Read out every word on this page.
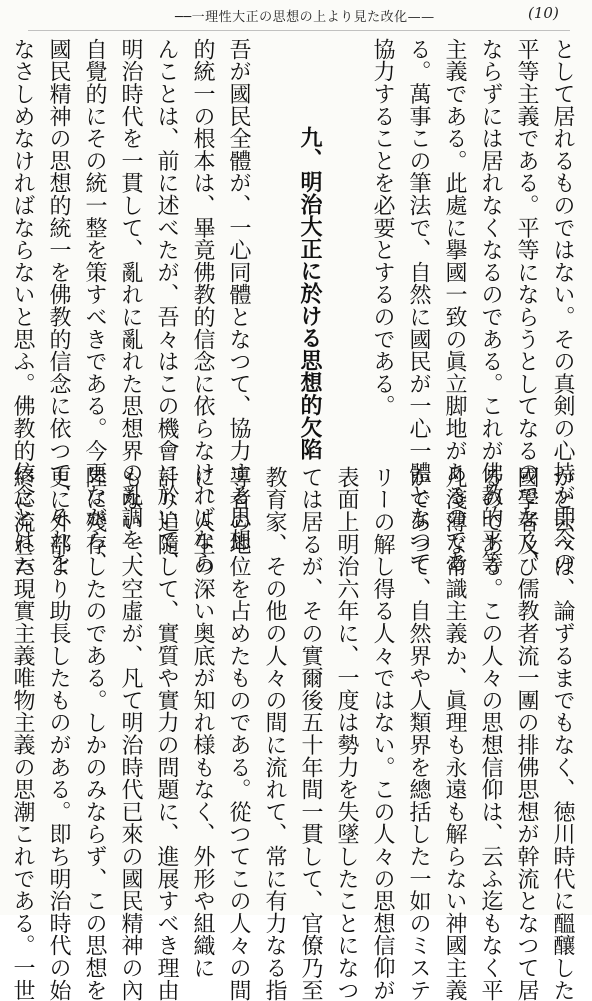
──一理性大正の思想の上より見た改化——	(10)
として居れるものではない。その真剣の心持が即今の
平等主義である。平等にならうとしてなるのでなく、
ならずには居れなくなるのである。これが佛教的平等
主義である。此處に擧國一致の眞立脚地があるのであ
る。萬事この筆法で、自然に國民が一心一體となつて
協力することを必要とするのである。
九、明治大正に於ける思想的欠陷
吾が國民全體が、一心同體となつて、協力する思想
的統一の根本は、畢竟佛教的信念に依らなければなら
んことは、前に述べたが、吾々はこの機會に於いて、
明治時代を一貫して、亂れに亂れた思想界の亂調を、
自覺的にその統一整を策すべきである。今更ながら、
國民精神の思想的統一を佛教的信念に依つて、それを
なさしめなければならないと思ふ。佛教的信念とは云
かと云へば、論ずるまでもなく、徳川時代に醞釀した
國學者及び儒教者流一團の排佛思想が幹流となつて居
るのである。この人々の思想信仰は、云ふ迄もなく平
凡淺薄な常識主義か、眞理も永遠も解らない神國主義
かであつて、自然界や人類界を總括した一如のミステ
リーの解し得る人々ではない。この人々の思想信仰が
表面上明治六年に、一度は勢力を失墜したことになつ
ては居るが、その實爾後五十年間一貫して、官僚乃至
教育家、その他の人々の間に流れて、常に有力なる指
導者の地位を占めたものである。從つてこの人々の間
に、人生の深い奥底が知れ様もなく、外形や組織に
計り追隨して、實質や實力の問題に、進展すべき理由
もない一大空虛が、凡て明治時代已來の國民精神の內
陸に殘存したのである。しかのみならず、この思想を
更に外部より助長したものがある。即ち明治時代の始
終に流れた現實主義唯物主義の思潮これである。一世
